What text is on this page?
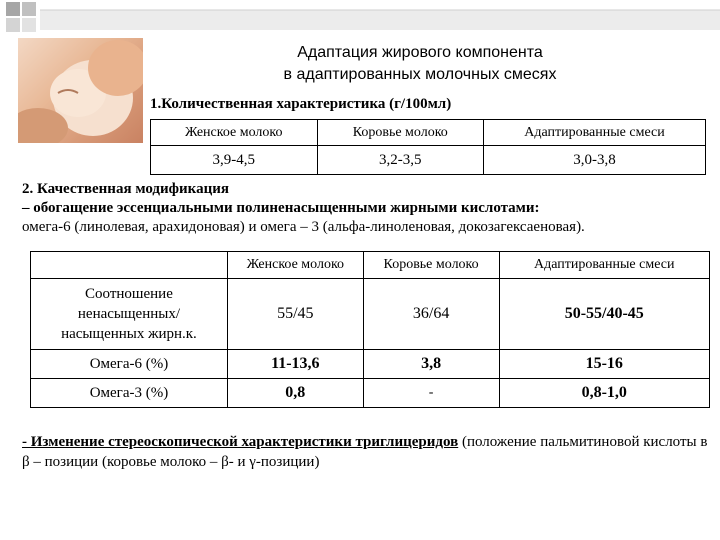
Адаптация жирового компонента
в адаптированных молочных смесях
1.Количественная характеристика (г/100мл)
Женское молоко	Коровье молоко	Адаптированные смеси
3,9-4,5	3,2-3,5	3,0-3,8
2. Качественная модификация
– обогащение эссенциальными полиненасыщенными жирными кислотами:
омега-6 (линолевая, арахидоновая) и омега – 3 (альфа-линоленовая, докозагексаеновая).
	Женское молоко	Коровье молоко	Адаптированные смеси
Соотношение ненасыщенных/ насыщенных жирн.к.	55/45	36/64	50-55/40-45
Омега-6 (%)	11-13,6	3,8	15-16
Омега-3 (%)	0,8	-	0,8-1,0
- Изменение стереоскопической характеристики триглицеридов (положение пальмитиновой кислоты в β – позиции (коровье молоко – β- и γ-позиции)
